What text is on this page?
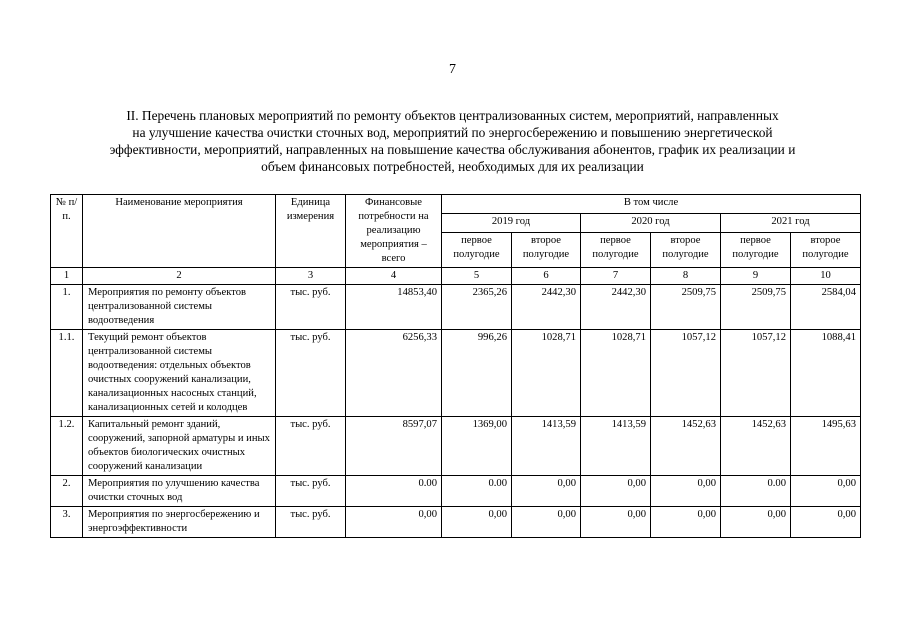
7
II. Перечень плановых мероприятий по ремонту объектов централизованных систем, мероприятий, направленных
на улучшение качества очистки сточных вод, мероприятий по энергосбережению и повышению энергетической
эффективности, мероприятий, направленных на повышение качества обслуживания абонентов, график их реализации и
объем финансовых потребностей, необходимых для их реализации
№ п/п.	Наименование мероприятия	Единица измерения	Финансовые потребности на реализацию мероприятия – всего	В том числе					
				2019 год		2020 год		2021 год	
				первое полугодие	второе полугодие	первое полугодие	второе полугодие	первое полугодие	второе полугодие
1	2	3	4	5	6	7	8	9	10
1.	Мероприятия по ремонту объектов централизованной системы водоотведения	тыс. руб.	14853,40	2365,26	2442,30	2442,30	2509,75	2509,75	2584,04
1.1.	Текущий ремонт объектов централизованной системы водоотведения: отдельных объектов очистных сооружений канализации, канализационных насосных станций, канализационных сетей и колодцев	тыс. руб.	6256,33	996,26	1028,71	1028,71	1057,12	1057,12	1088,41
1.2.	Капитальный ремонт зданий, сооружений, запорной арматуры и иных объектов биологических очистных сооружений канализации	тыс. руб.	8597,07	1369,00	1413,59	1413,59	1452,63	1452,63	1495,63
2.	Мероприятия по улучшению качества очистки сточных вод	тыс. руб.	0.00	0.00	0,00	0,00	0,00	0.00	0,00
3.	Мероприятия по энергосбережению и энергоэффективности	тыс. руб.	0,00	0,00	0,00	0,00	0,00	0,00	0,00
